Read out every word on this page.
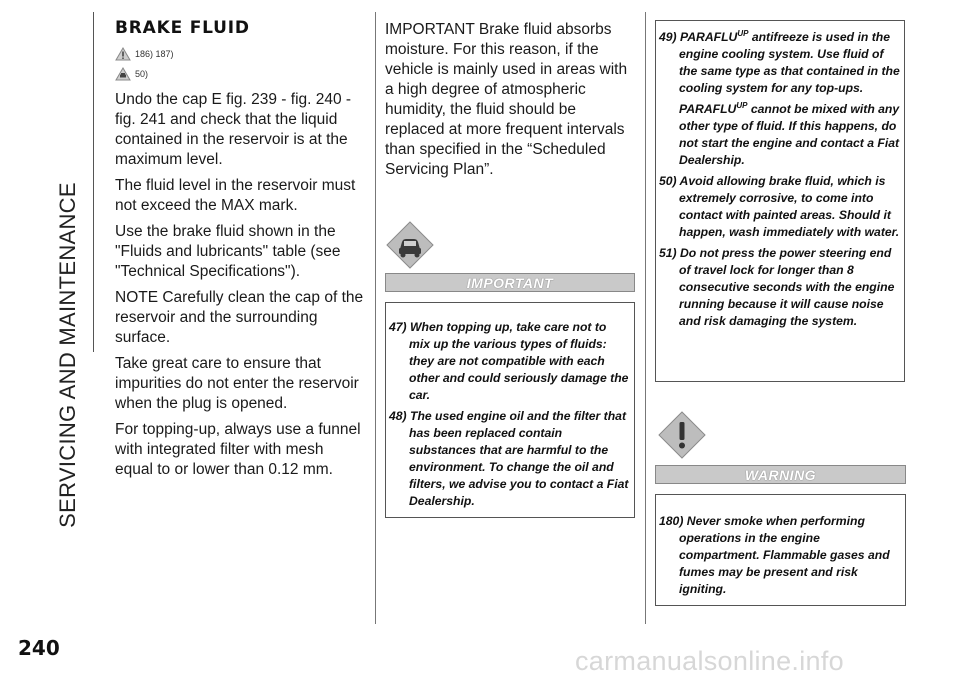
SERVICING AND MAINTENANCE
BRAKE FLUID
186) 187)
50)

Undo the cap E fig. 239 - fig. 240 - fig. 241 and check that the liquid contained in the reservoir is at the maximum level.

The fluid level in the reservoir must not exceed the MAX mark.

Use the brake fluid shown in the "Fluids and lubricants" table (see "Technical Specifications").

NOTE Carefully clean the cap of the reservoir and the surrounding surface.

Take great care to ensure that impurities do not enter the reservoir when the plug is opened.

For topping-up, always use a funnel with integrated filter with mesh equal to or lower than 0.12 mm.

IMPORTANT Brake fluid absorbs moisture. For this reason, if the vehicle is mainly used in areas with a high degree of atmospheric humidity, the fluid should be replaced at more frequent intervals than specified in the “Scheduled Servicing Plan”.

IMPORTANT

47) When topping up, take care not to mix up the various types of fluids: they are not compatible with each other and could seriously damage the car.

48) The used engine oil and the filter that has been replaced contain substances that are harmful to the environment. To change the oil and filters, we advise you to contact a Fiat Dealership.

49) $PARAFLU^{UP}$ antifreeze is used in the engine cooling system. Use fluid of the same type as that contained in the cooling system for any top-ups. $PARAFLU^{UP}$ cannot be mixed with any other type of fluid. If this happens, do not start the engine and contact a Fiat Dealership.

50) Avoid allowing brake fluid, which is extremely corrosive, to come into contact with painted areas. Should it happen, wash immediately with water.

51) Do not press the power steering end of travel lock for longer than 8 consecutive seconds with the engine running because it will cause noise and risk damaging the system.

WARNING

180) Never smoke when performing operations in the engine compartment. Flammable gases and fumes may be present and risk igniting.

240	carmanualsonline.info
